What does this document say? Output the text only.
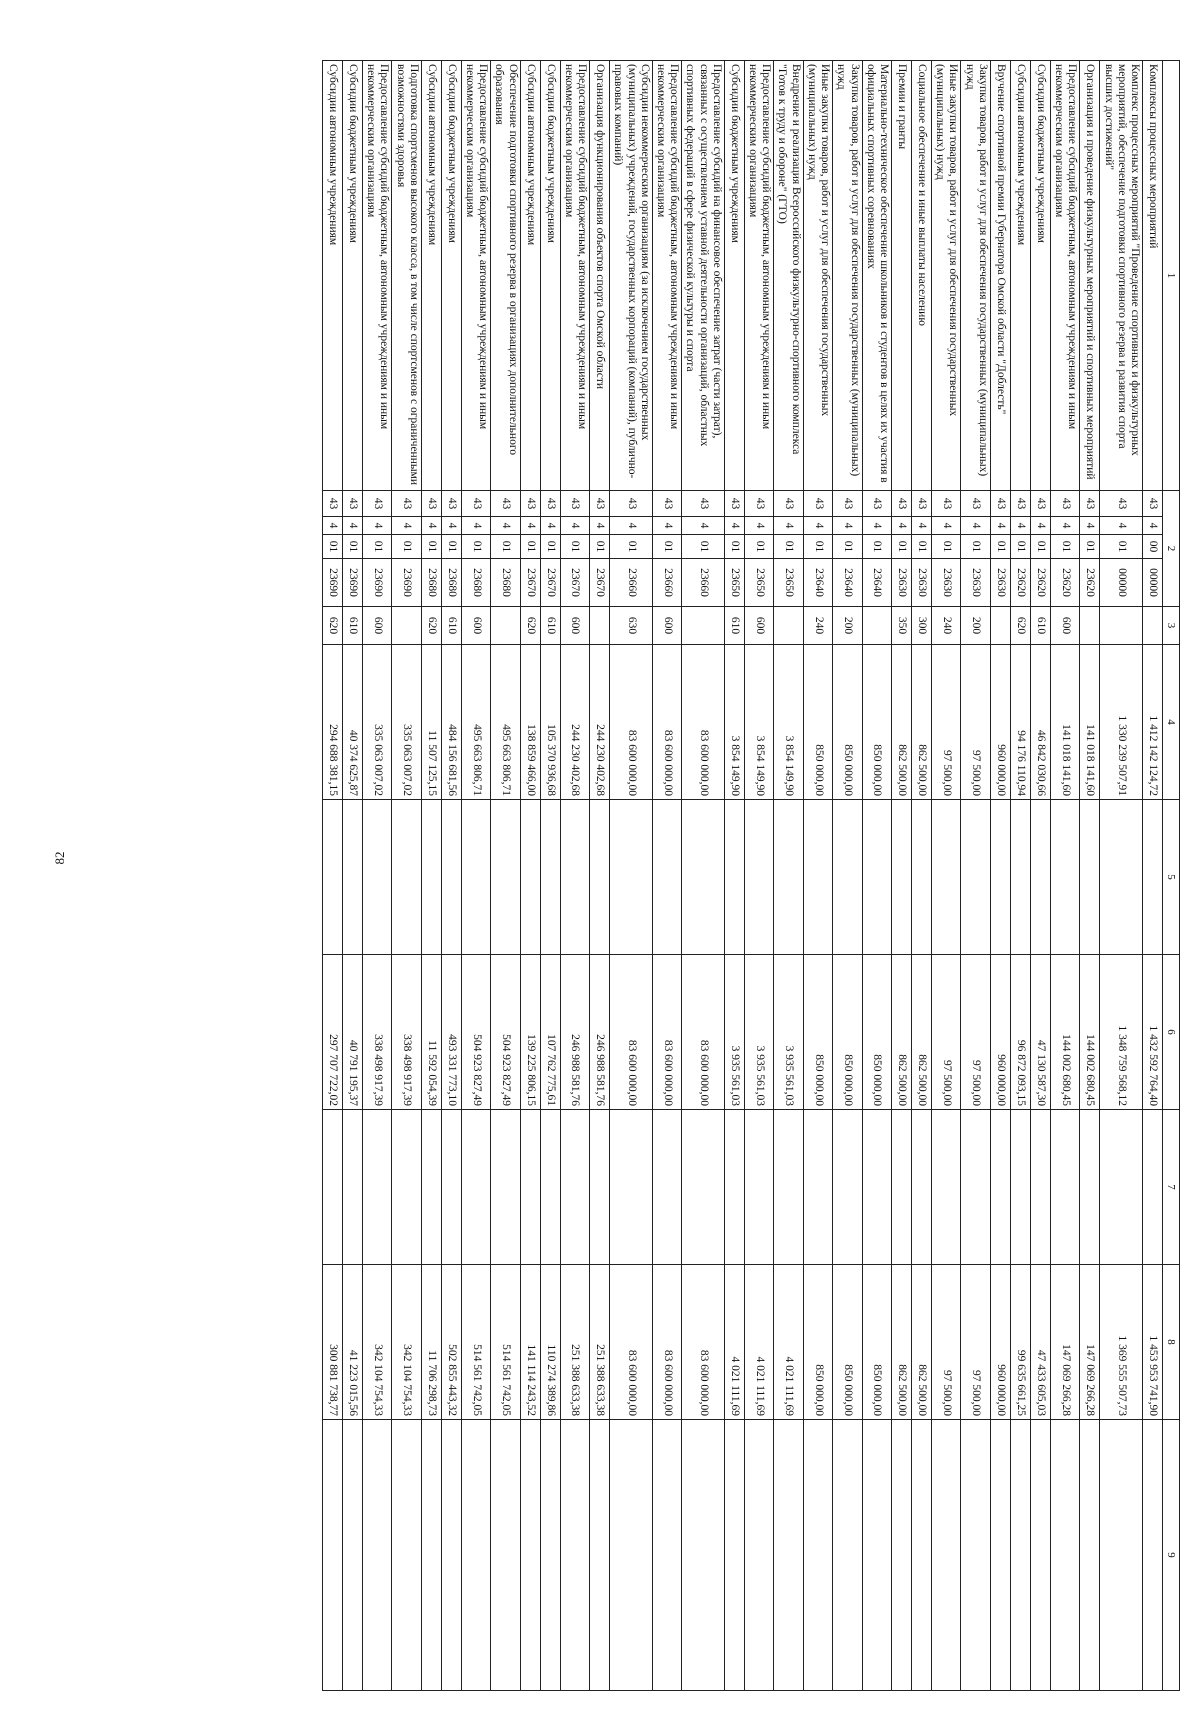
82
1	2				3	4	5	6	7	8	9
Комплексы процессных мероприятий	43	4	00	00000		1 412 142 124,72		1 432 592 764,40		1 453 953 741,90	
Комплекс процессных мероприятий "Проведение спортивных и физкультурных мероприятий, обеспечение подготовки спортивного резерва и развития спорта высших достижений"	43	4	01	00000		1 330 239 507,91		1 348 759 568,12		1 369 555 507,73	
Организация и проведение физкультурных мероприятий и спортивных мероприятий	43	4	01	23620		141 018 141,60		144 002 680,45		147 069 266,28	
Предоставление субсидий бюджетным, автономным учреждениям и иным некоммерческим организациям	43	4	01	23620	600	141 018 141,60		144 002 680,45		147 069 266,28	
Субсидии бюджетным учреждениям	43	4	01	23620	610	46 842 030,66		47 130 587,30		47 433 605,03	
Субсидии автономным учреждениям	43	4	01	23620	620	94 176 110,94		96 872 093,15		99 635 661,25	
Вручение спортивной премии Губернатора Омской области "Доблесть"	43	4	01	23630		960 000,00		960 000,00		960 000,00	
Закупка товаров, работ и услуг для обеспечения государственных (муниципальных) нужд	43	4	01	23630	200	97 500,00		97 500,00		97 500,00	
Иные закупки товаров, работ и услуг для обеспечения государственных (муниципальных) нужд	43	4	01	23630	240	97 500,00		97 500,00		97 500,00	
Социальное обеспечение и иные выплаты населению	43	4	01	23630	300	862 500,00		862 500,00		862 500,00	
Премии и гранты	43	4	01	23630	350	862 500,00		862 500,00		862 500,00	
Материально-техническое обеспечение школьников и студентов в целях их участия в официальных спортивных соревнованиях	43	4	01	23640		850 000,00		850 000,00		850 000,00	
Закупка товаров, работ и услуг для обеспечения государственных (муниципальных) нужд	43	4	01	23640	200	850 000,00		850 000,00		850 000,00	
Иные закупки товаров, работ и услуг для обеспечения государственных (муниципальных) нужд	43	4	01	23640	240	850 000,00		850 000,00		850 000,00	
Внедрение и реализация Всероссийского физкультурно-спортивного комплекса "Готов к труду и обороне" (ГТО)	43	4	01	23650		3 854 149,90		3 935 561,03		4 021 111,69	
Предоставление субсидий бюджетным, автономным учреждениям и иным некоммерческим организациям	43	4	01	23650	600	3 854 149,90		3 935 561,03		4 021 111,69	
Субсидии бюджетным учреждениям	43	4	01	23650	610	3 854 149,90		3 935 561,03		4 021 111,69	
Предоставление субсидий на финансовое обеспечение затрат (части затрат), связанных с осуществлением уставной деятельности организаций, областных спортивных федераций в сфере физической культуры и спорта	43	4	01	23660		83 600 000,00		83 600 000,00		83 600 000,00	
Предоставление субсидий бюджетным, автономным учреждениям и иным некоммерческим организациям	43	4	01	23660	600	83 600 000,00		83 600 000,00		83 600 000,00	
Субсидии некоммерческим организациям (за исключением государственных (муниципальных) учреждений, государственных корпораций (компаний), публично-правовых компаний)	43	4	01	23660	630	83 600 000,00		83 600 000,00		83 600 000,00	
Организация функционирования объектов спорта Омской области	43	4	01	23670		244 230 402,68		246 988 581,76		251 388 633,38	
Предоставление субсидий бюджетным, автономным учреждениям и иным некоммерческим организациям	43	4	01	23670	600	244 230 402,68		246 988 581,76		251 388 633,38	
Субсидии бюджетным учреждениям	43	4	01	23670	610	105 370 936,68		107 762 775,61		110 274 389,86	
Субсидии автономным учреждениям	43	4	01	23670	620	138 859 466,00		139 225 806,15		141 114 243,52	
Обеспечение подготовки спортивного резерва в организациях дополнительного образования	43	4	01	23680		495 663 806,71		504 923 827,49		514 561 742,05	
Предоставление субсидий бюджетным, автономным учреждениям и иным некоммерческим организациям	43	4	01	23680	600	495 663 806,71		504 923 827,49		514 561 742,05	
Субсидии бюджетным учреждениям	43	4	01	23680	610	484 156 681,56		493 331 773,10		502 855 443,32	
Субсидии автономным учреждениям	43	4	01	23680	620	11 507 125,15		11 592 054,39		11 706 298,73	
Подготовка спортсменов высокого класса, в том числе спортсменов с ограниченными возможностями здоровья	43	4	01	23690		335 063 007,02		338 498 917,39		342 104 754,33	
Предоставление субсидий бюджетным, автономным учреждениям и иным некоммерческим организациям	43	4	01	23690	600	335 063 007,02		338 498 917,39		342 104 754,33	
Субсидии бюджетным учреждениям	43	4	01	23690	610	40 374 625,87		40 791 195,37		41 223 015,56	
Субсидии автономным учреждениям	43	4	01	23690	620	294 688 381,15		297 707 722,02		300 881 738,77	
